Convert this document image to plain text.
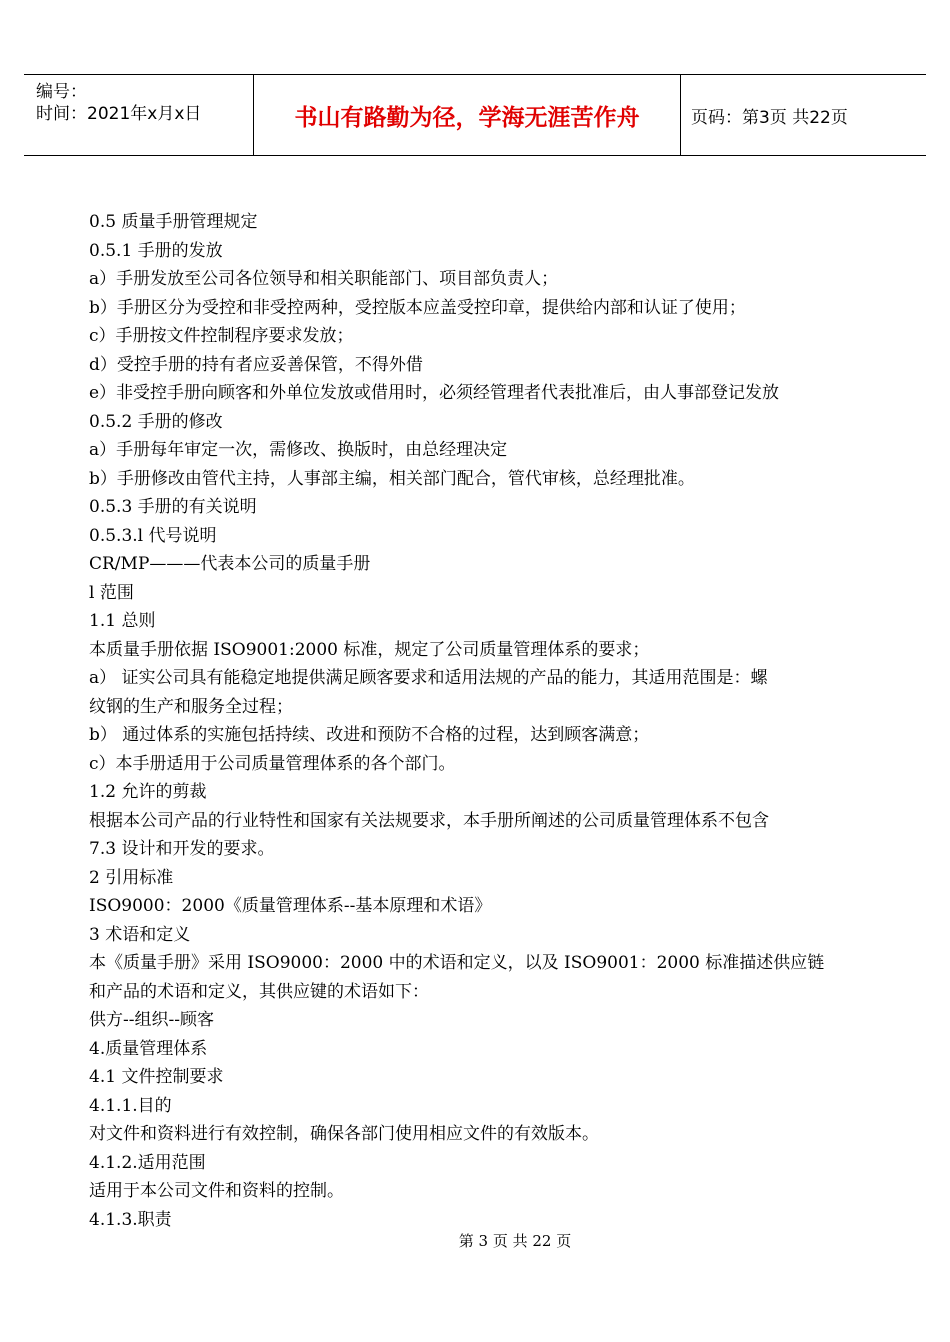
编号：
时间：2021年x月x日	书山有路勤为径，学海无涯苦作舟	页码：第3页 共22页
0.5 质量手册管理规定
0.5.1 手册的发放
a）手册发放至公司各位领导和相关职能部门、项目部负责人；
b）手册区分为受控和非受控两种，受控版本应盖受控印章，提供给内部和认证了使用；
c）手册按文件控制程序要求发放；
d）受控手册的持有者应妥善保管，不得外借
e）非受控手册向顾客和外单位发放或借用时，必须经管理者代表批准后，由人事部登记发放
0.5.2 手册的修改
a）手册每年审定一次，需修改、换版时，由总经理决定
b）手册修改由管代主持，人事部主编，相关部门配合，管代审核，总经理批准。
0.5.3 手册的有关说明
0.5.3.l 代号说明
CR/MP———代表本公司的质量手册
l 范围
1.1 总则
本质量手册依据 ISO9001:2000 标准，规定了公司质量管理体系的要求；
a） 证实公司具有能稳定地提供满足顾客要求和适用法规的产品的能力，其适用范围是：螺
纹钢的生产和服务全过程；
b） 通过体系的实施包括持续、改进和预防不合格的过程，达到顾客满意；
c）本手册适用于公司质量管理体系的各个部门。
1.2 允许的剪裁
根据本公司产品的行业特性和国家有关法规要求，本手册所阐述的公司质量管理体系不包含
7.3 设计和开发的要求。
2 引用标准
ISO9000：2000《质量管理体系--基本原理和术语》
3 术语和定义
本《质量手册》采用 ISO9000：2000 中的术语和定义，以及 ISO9001：2000 标准描述供应链
和产品的术语和定义，其供应键的术语如下：
供方--组织--顾客
4.质量管理体系
4.1 文件控制要求
4.1.1.目的
对文件和资料进行有效控制，确保各部门使用相应文件的有效版本。
4.1.2.适用范围
适用于本公司文件和资料的控制。
4.1.3.职责
第 3 页 共 22 页
